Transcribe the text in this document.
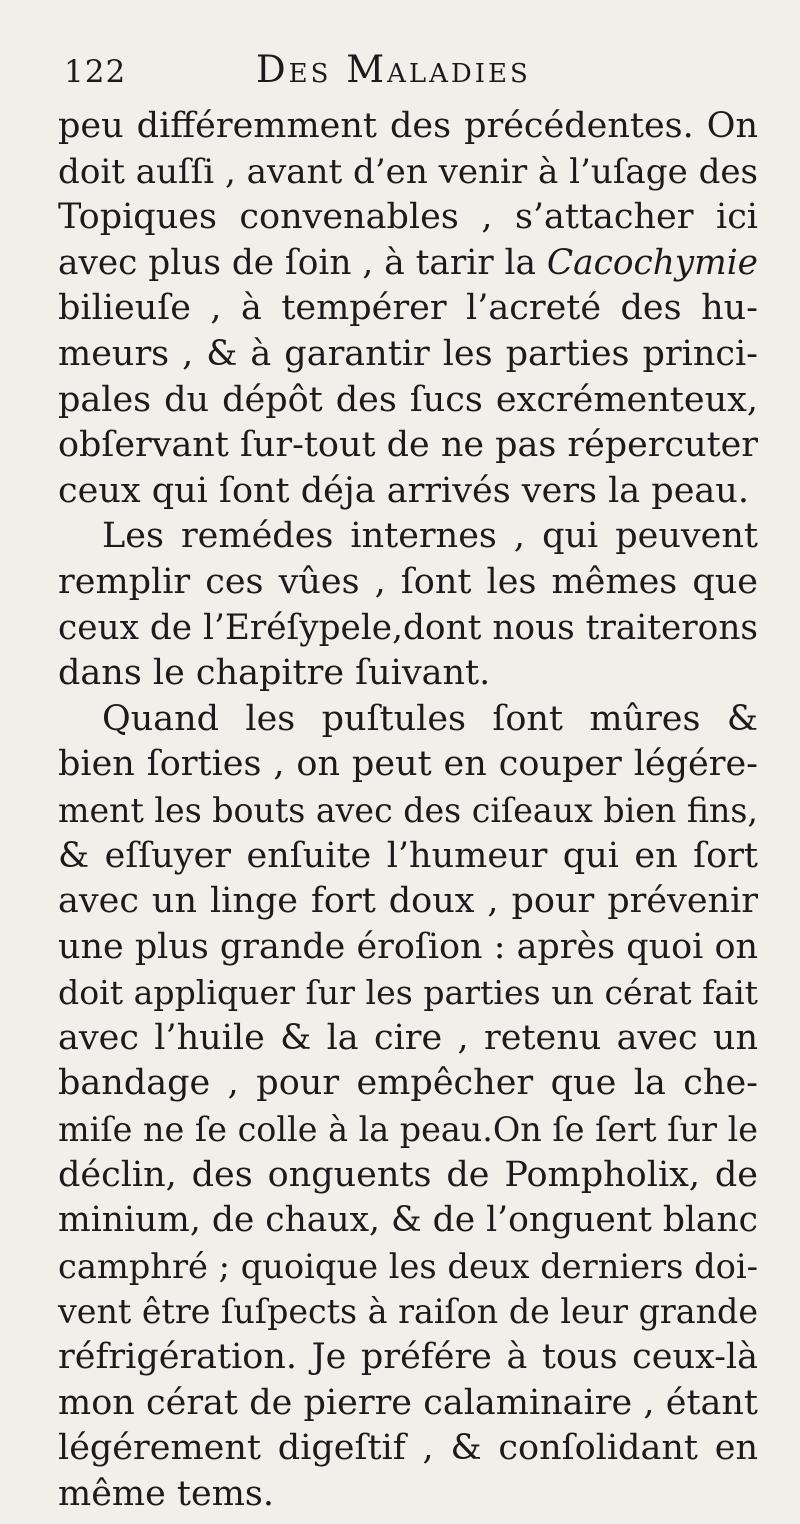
122	Des Maladies
peu différemment des précédentes. On
doit auſſi , avant d’en venir à l’uſage des
Topiques convenables , s’attacher ici
avec plus de ſoin , à tarir la Cacochymie
bilieuſe , à tempérer l’acreté des hu-
meurs , & à garantir les parties princi-
pales du dépôt des ſucs excrémenteux,
obſervant ſur-tout de ne pas répercuter
ceux qui ſont déja arrivés vers la peau.
Les remédes internes , qui peuvent
remplir ces vûes , ſont les mêmes que
ceux de l’Eréſypele,dont nous traiterons
dans le chapitre ſuivant.
Quand les puſtules ſont mûres &
bien ſorties , on peut en couper légére-
ment les bouts avec des ciſeaux bien fins,
& eſſuyer enſuite l’humeur qui en ſort
avec un linge fort doux , pour prévenir
une plus grande éroſion : après quoi on
doit appliquer ſur les parties un cérat fait
avec l’huile & la cire , retenu avec un
bandage , pour empêcher que la che-
miſe ne ſe colle à la peau.On ſe ſert ſur le
déclin, des onguents de Pompholix, de
minium, de chaux, & de l’onguent blanc
camphré ; quoique les deux derniers doi-
vent être ſuſpects à raiſon de leur grande
réfrigération. Je préfére à tous ceux-là
mon cérat de pierre calaminaire , étant
légérement digeſtif , & conſolidant en
même tems.
